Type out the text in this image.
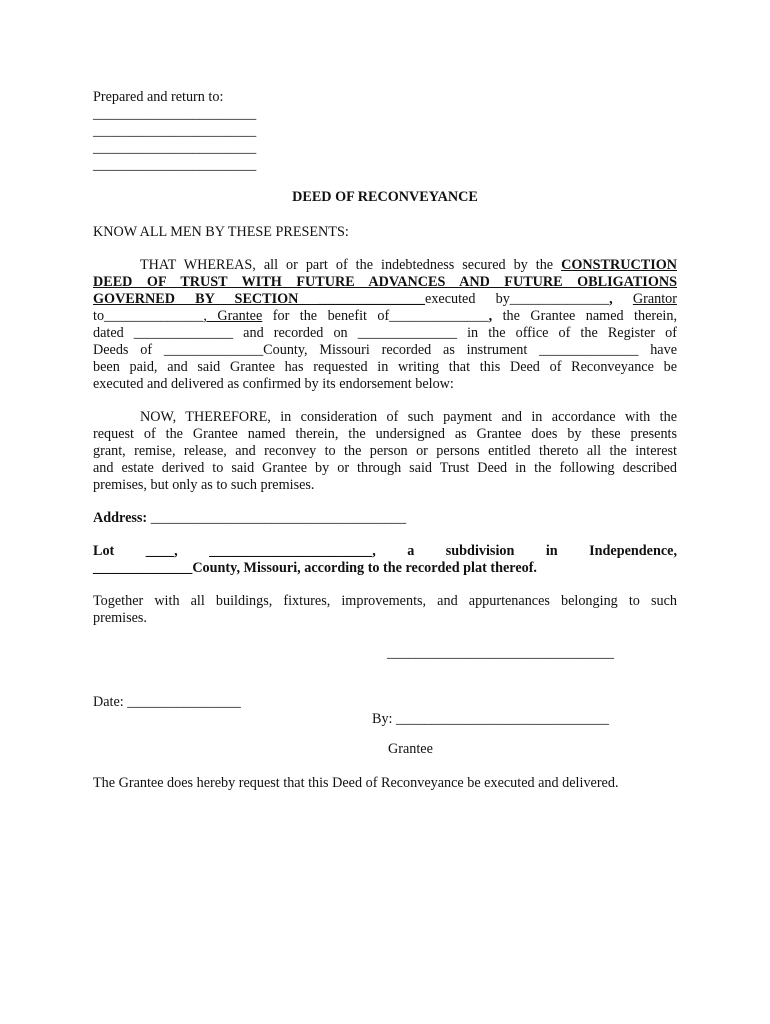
Prepared and return to:
_______________________
_______________________
_______________________
_______________________
DEED OF RECONVEYANCE
KNOW ALL MEN BY THESE PRESENTS:
THAT WHEREAS, all or part of the indebtedness secured by the CONSTRUCTION
DEED OF TRUST WITH FUTURE ADVANCES AND FUTURE OBLIGATIONS
GOVERNED BY SECTION _______________executed by______________, Grantor
to______________, Grantee for the benefit of______________, the Grantee named therein,
dated ______________ and recorded on ______________ in the office of the Register of
Deeds of ______________County, Missouri recorded as instrument ______________ have
been paid, and said Grantee has requested in writing that this Deed of Reconveyance be
executed and delivered as confirmed by its endorsement below:
NOW, THEREFORE, in consideration of such payment and in accordance with the
request of the Grantee named therein, the undersigned as Grantee does by these presents
grant, remise, release, and reconvey to the person or persons entitled thereto all the interest
and estate derived to said Grantee by or through said Trust Deed in the following described
premises, but only as to such premises.
Address: ____________________________________
Lot ____, _______________________, a subdivision in Independence,
______________County, Missouri, according to the recorded plat thereof.
Together with all buildings, fixtures, improvements, and appurtenances belonging to such
premises.
________________________________
Date: ________________
By: ______________________________
Grantee
The Grantee does hereby request that this Deed of Reconveyance be executed and delivered.
